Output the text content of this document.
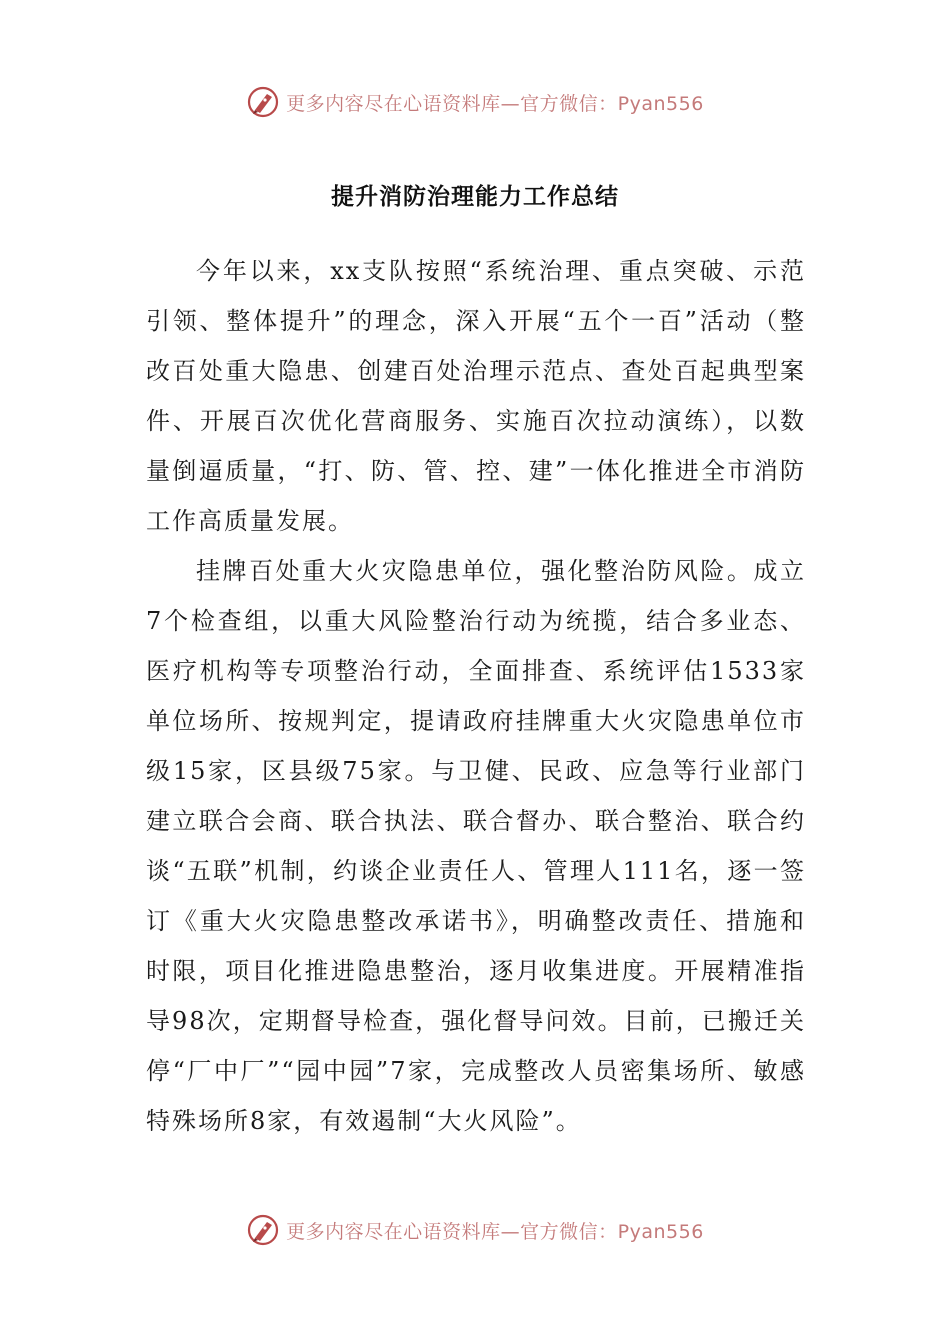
更多内容尽在心语资料库—官方微信：Pyan556
提升消防治理能力工作总结

今年以来，xx支队按照“系统治理、重点突破、示范引领、整体提升”的理念，深入开展“五个一百”活动（整改百处重大隐患、创建百处治理示范点、查处百起典型案件、开展百次优化营商服务、实施百次拉动演练），以数量倒逼质量，“打、防、管、控、建”一体化推进全市消防工作高质量发展。

挂牌百处重大火灾隐患单位，强化整治防风险。成立7个检查组，以重大风险整治行动为统揽，结合多业态、医疗机构等专项整治行动，全面排查、系统评估1533家单位场所、按规判定，提请政府挂牌重大火灾隐患单位市级15家，区县级75家。与卫健、民政、应急等行业部门建立联合会商、联合执法、联合督办、联合整治、联合约谈“五联”机制，约谈企业责任人、管理人111名，逐一签订《重大火灾隐患整改承诺书》，明确整改责任、措施和时限，项目化推进隐患整治，逐月收集进度。开展精准指导98次，定期督导检查，强化督导问效。目前，已搬迁关停“厂中厂”“园中园”7家，完成整改人员密集场所、敏感特殊场所8家，有效遏制“大火风险”。

更多内容尽在心语资料库—官方微信：Pyan556
